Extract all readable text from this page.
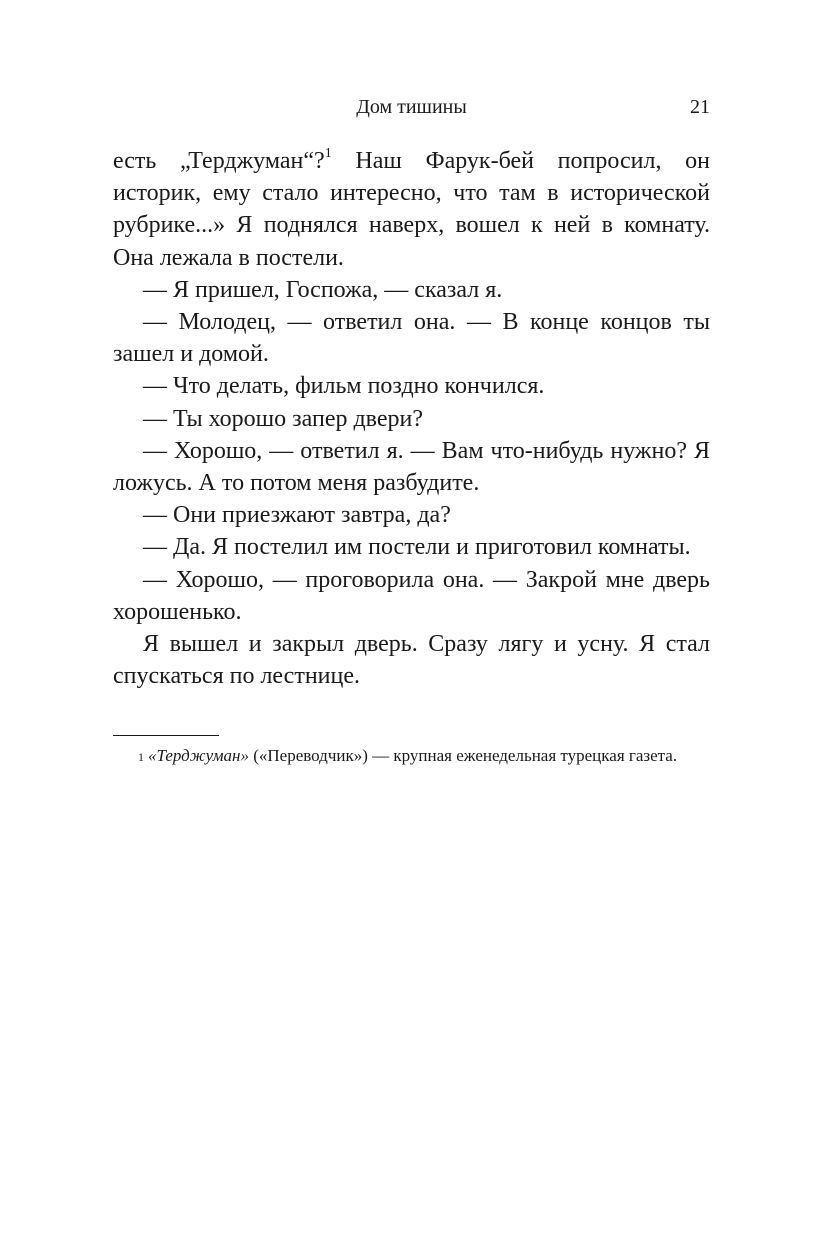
Дом тишины	21

есть „Терджуман“?$^1$ Наш Фарук-бей попросил, он историк, ему стало интересно, что там в исторической рубрике...» Я поднялся наверх, вошел к ней в комнату. Она лежала в постели.

— Я пришел, Госпожа, — сказал я.

— Молодец, — ответил она. — В конце концов ты зашел и домой.

— Что делать, фильм поздно кончился.

— Ты хорошо запер двери?

— Хорошо, — ответил я. — Вам что-нибудь нужно? Я ложусь. А то потом меня разбудите.

— Они приезжают завтра, да?

— Да. Я постелил им постели и приготовил комнаты.

— Хорошо, — проговорила она. — Закрой мне дверь хорошенько.

Я вышел и закрыл дверь. Сразу лягу и усну. Я стал спускаться по лестнице.

$^1$ «Терджуман» («Переводчик») — крупная еженедельная турецкая газета.
